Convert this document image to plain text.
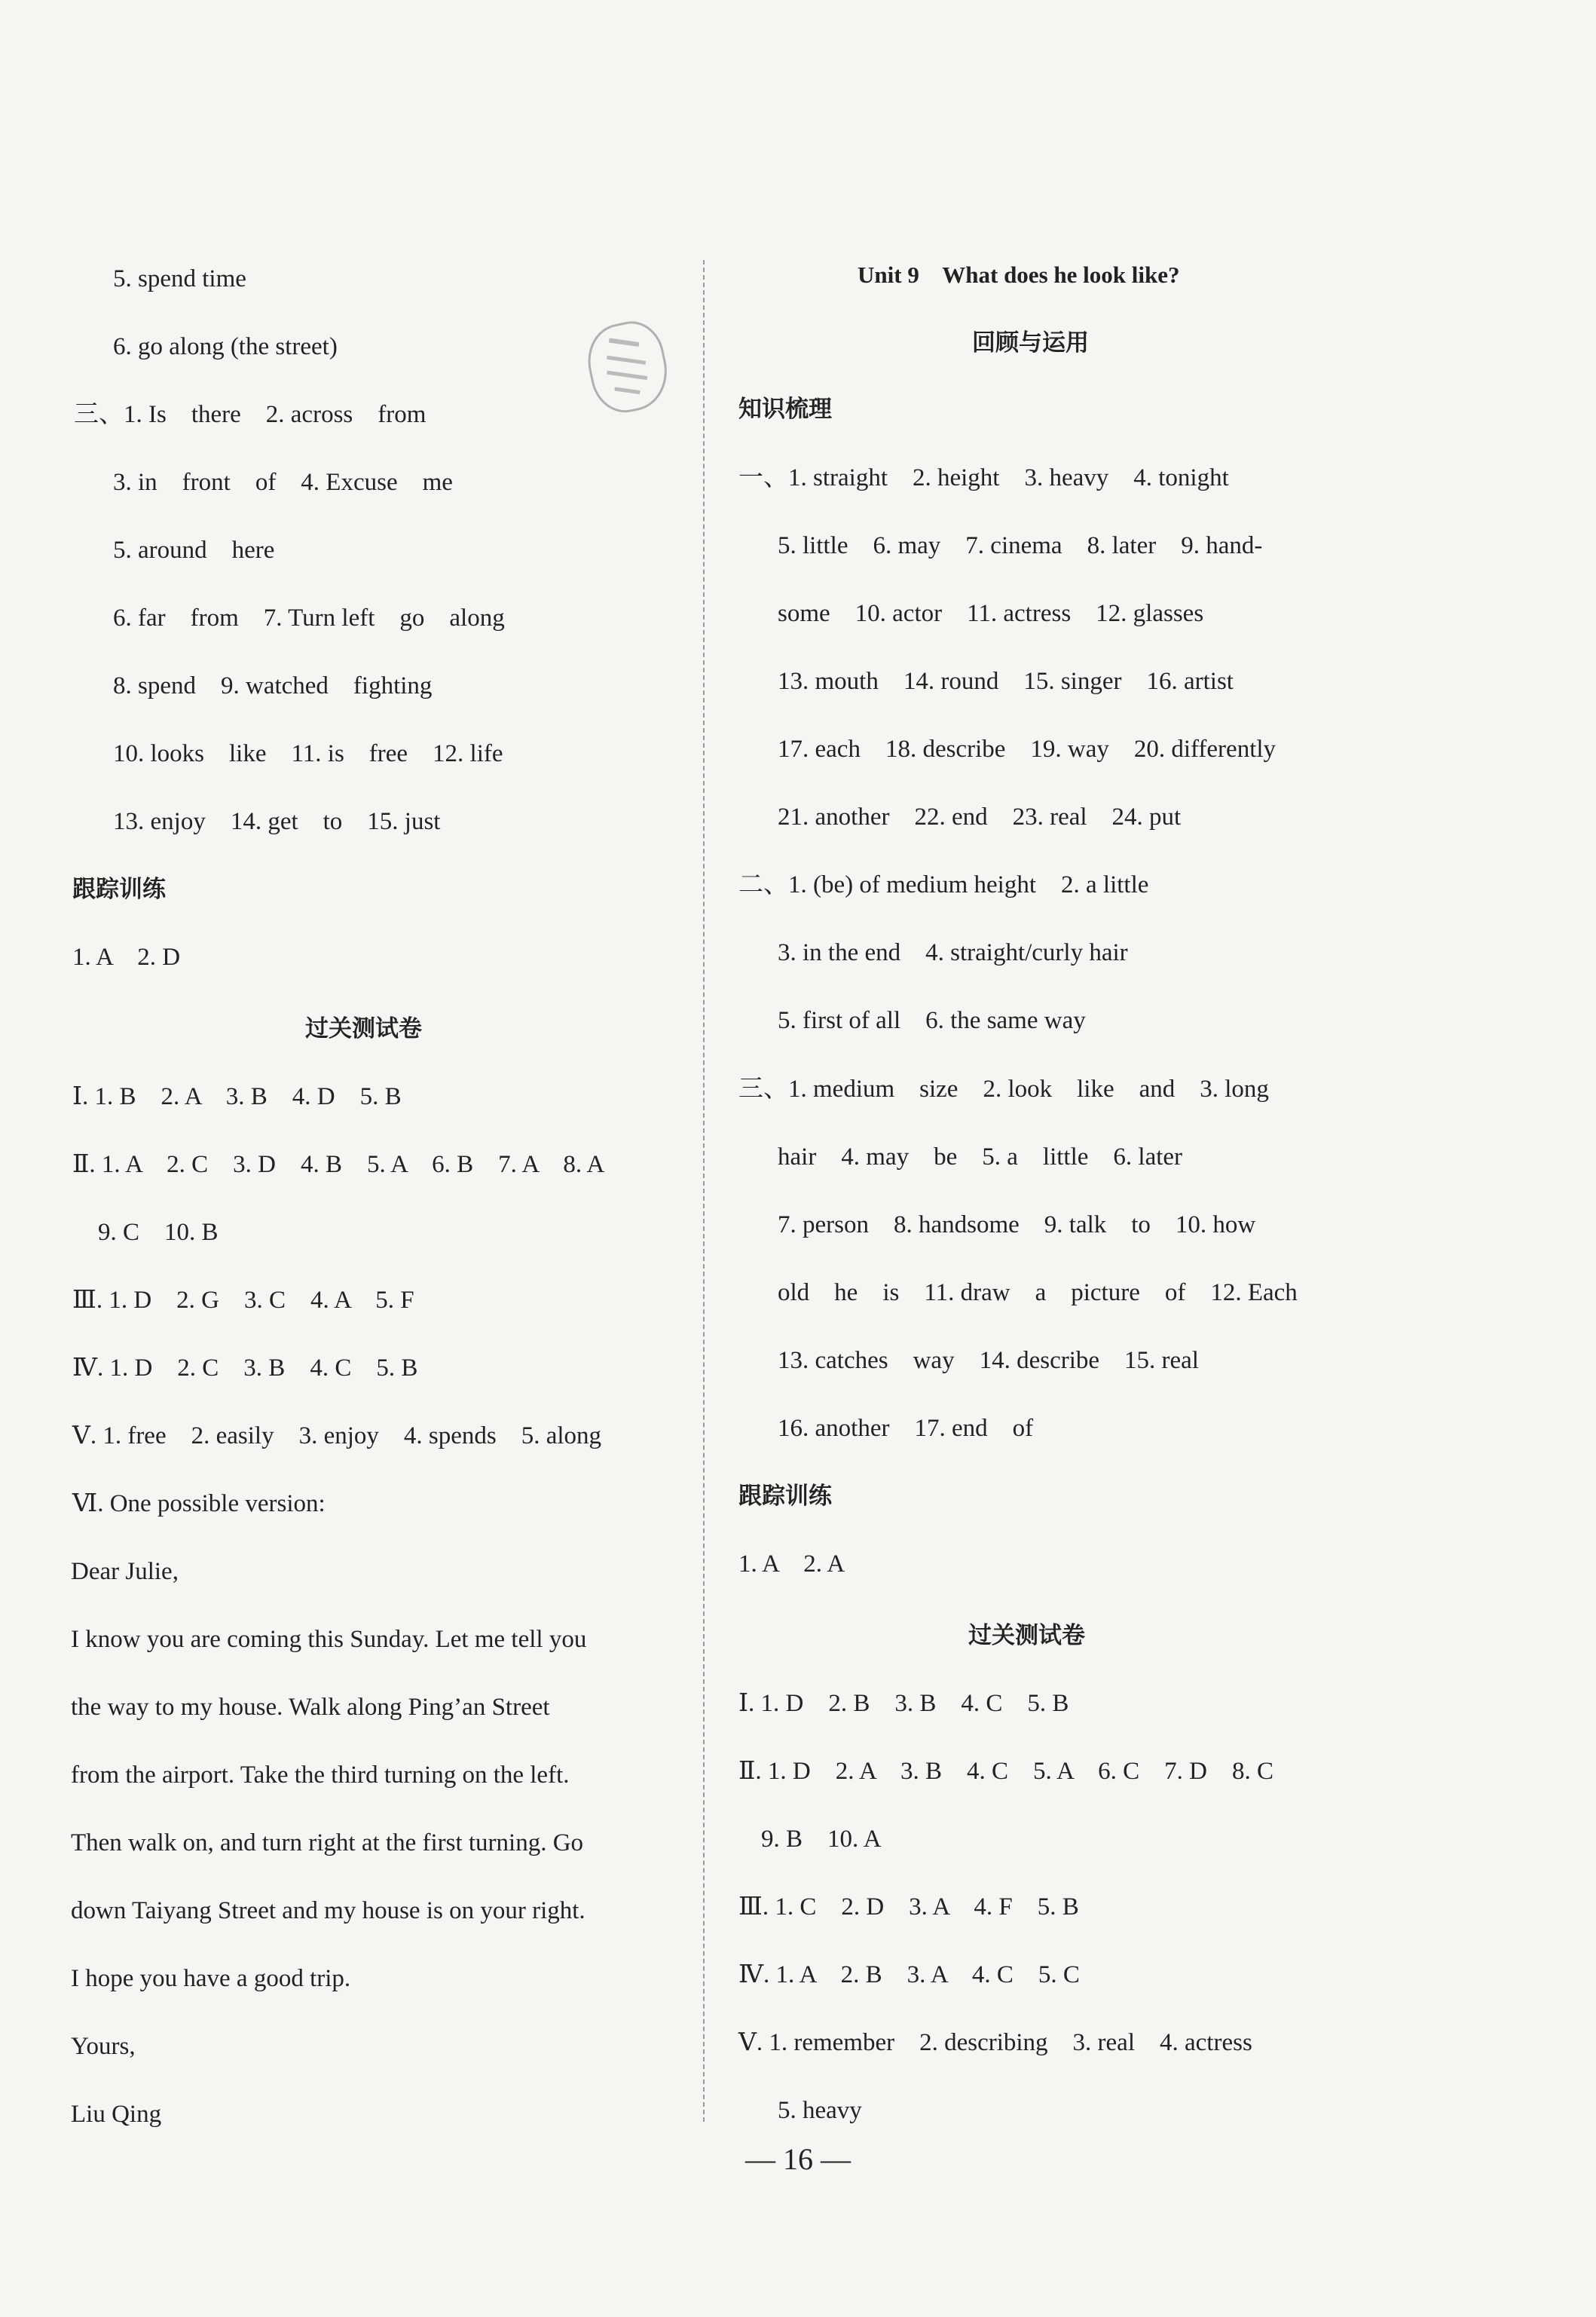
5. spend time
6. go along (the street)
三、1. Is    there    2. across    from
3. in    front    of    4. Excuse    me
5. around    here
6. far    from    7. Turn left    go    along
8. spend    9. watched    fighting
10. looks    like    11. is    free    12. life
13. enjoy    14. get    to    15. just
跟踪训练
1. A    2. D
过关测试卷
Ⅰ. 1. B    2. A    3. B    4. D    5. B
Ⅱ. 1. A    2. C    3. D    4. B    5. A    6. B    7. A    8. A
9. C    10. B
Ⅲ. 1. D    2. G    3. C    4. A    5. F
Ⅳ. 1. D    2. C    3. B    4. C    5. B
Ⅴ. 1. free    2. easily    3. enjoy    4. spends    5. along
Ⅵ. One possible version:
Dear Julie,
I know you are coming this Sunday. Let me tell you
the way to my house. Walk along Ping’an Street
from the airport. Take the third turning on the left.
Then walk on, and turn right at the first turning. Go
down Taiyang Street and my house is on your right.
I hope you have a good trip.
Yours,
Liu Qing
Unit 9    What does he look like?
回顾与运用
知识梳理
一、1. straight    2. height    3. heavy    4. tonight
5. little    6. may    7. cinema    8. later    9. hand-
some    10. actor    11. actress    12. glasses
13. mouth    14. round    15. singer    16. artist
17. each    18. describe    19. way    20. differently
21. another    22. end    23. real    24. put
二、1. (be) of medium height    2. a little
3. in the end    4. straight/curly hair
5. first of all    6. the same way
三、1. medium    size    2. look    like    and    3. long
hair    4. may    be    5. a    little    6. later
7. person    8. handsome    9. talk    to    10. how
old    he    is    11. draw    a    picture    of    12. Each
13. catches    way    14. describe    15. real
16. another    17. end    of
跟踪训练
1. A    2. A
过关测试卷
Ⅰ. 1. D    2. B    3. B    4. C    5. B
Ⅱ. 1. D    2. A    3. B    4. C    5. A    6. C    7. D    8. C
9. B    10. A
Ⅲ. 1. C    2. D    3. A    4. F    5. B
Ⅳ. 1. A    2. B    3. A    4. C    5. C
Ⅴ. 1. remember    2. describing    3. real    4. actress
5. heavy
— 16 —
